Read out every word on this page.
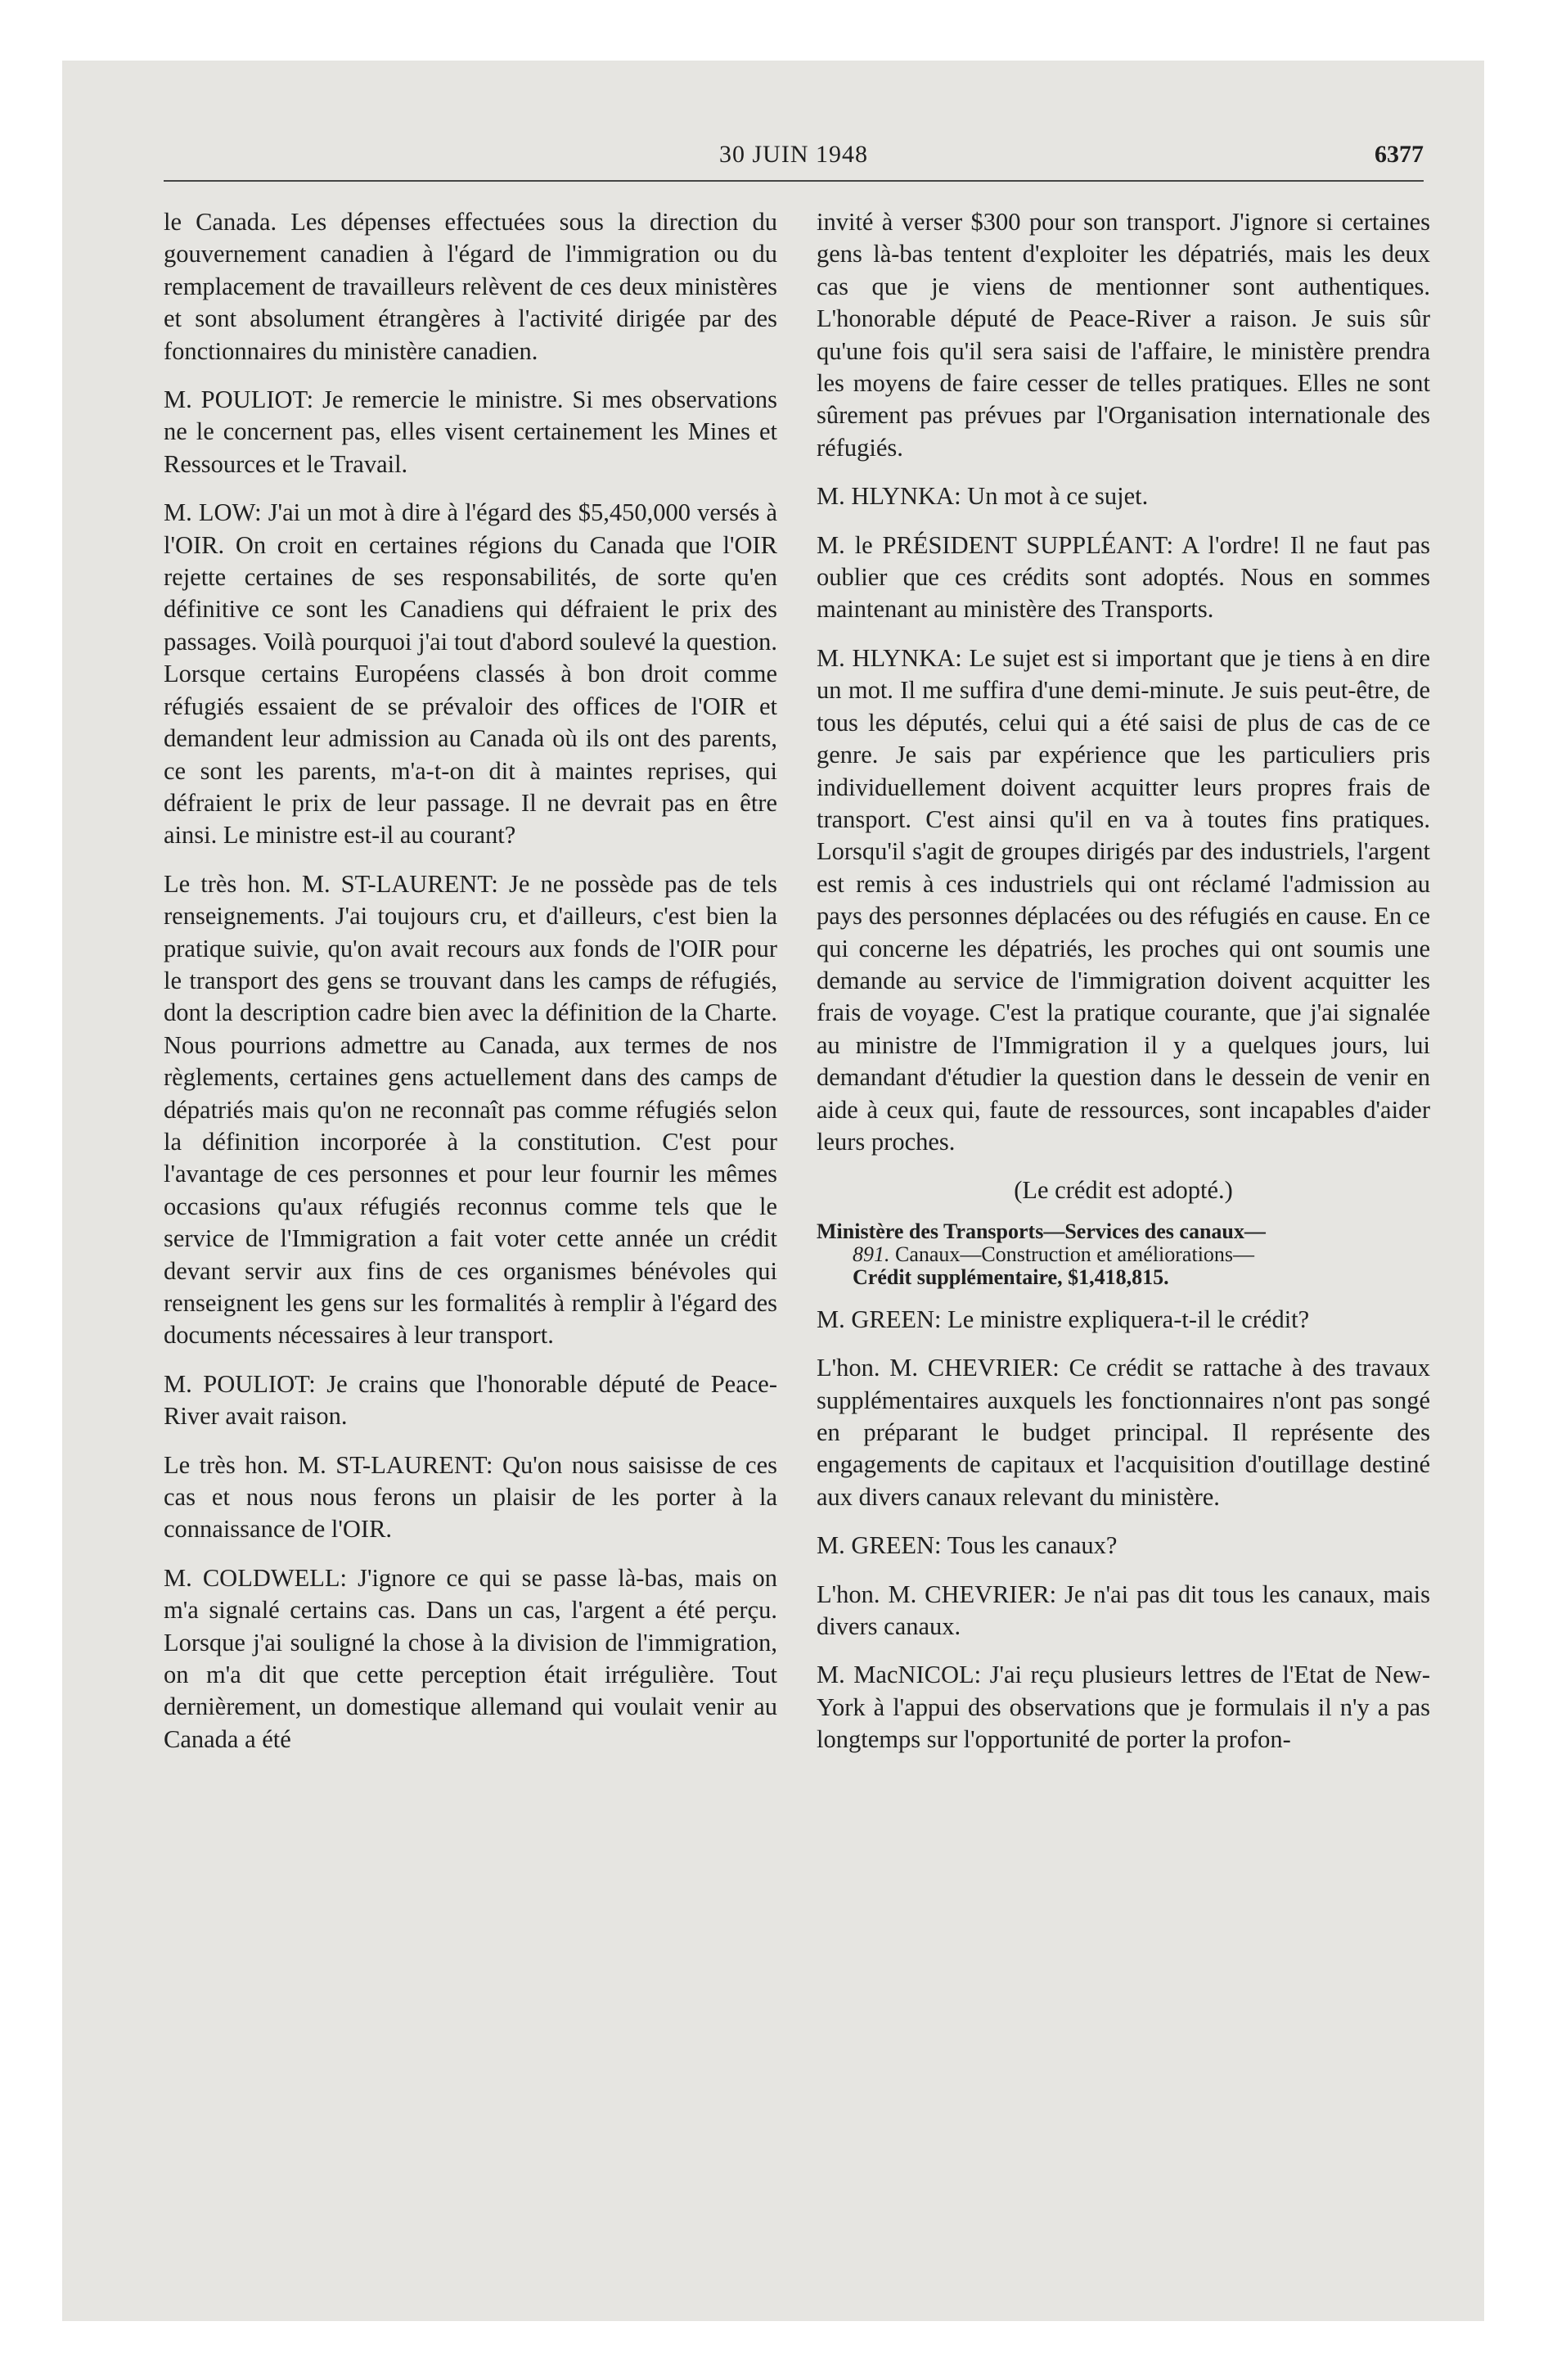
30 JUIN 1948	6377

le Canada. Les dépenses effectuées sous la direction du gouvernement canadien à l'égard de l'immigration ou du remplacement de travailleurs relèvent de ces deux ministères et sont absolument étrangères à l'activité dirigée par des fonctionnaires du ministère canadien.

M. POULIOT: Je remercie le ministre. Si mes observations ne le concernent pas, elles visent certainement les Mines et Ressources et le Travail.

M. LOW: J'ai un mot à dire à l'égard des $5,450,000 versés à l'OIR. On croit en certaines régions du Canada que l'OIR rejette certaines de ses responsabilités, de sorte qu'en définitive ce sont les Canadiens qui défraient le prix des passages. Voilà pourquoi j'ai tout d'abord soulevé la question. Lorsque certains Européens classés à bon droit comme réfugiés essaient de se prévaloir des offices de l'OIR et demandent leur admission au Canada où ils ont des parents, ce sont les parents, m'a-t-on dit à maintes reprises, qui défraient le prix de leur passage. Il ne devrait pas en être ainsi. Le ministre est-il au courant?

Le très hon. M. ST-LAURENT: Je ne possède pas de tels renseignements. J'ai toujours cru, et d'ailleurs, c'est bien la pratique suivie, qu'on avait recours aux fonds de l'OIR pour le transport des gens se trouvant dans les camps de réfugiés, dont la description cadre bien avec la définition de la Charte. Nous pourrions admettre au Canada, aux termes de nos règlements, certaines gens actuellement dans des camps de dépatriés mais qu'on ne reconnaît pas comme réfugiés selon la définition incorporée à la constitution. C'est pour l'avantage de ces personnes et pour leur fournir les mêmes occasions qu'aux réfugiés reconnus comme tels que le service de l'Immigration a fait voter cette année un crédit devant servir aux fins de ces organismes bénévoles qui renseignent les gens sur les formalités à remplir à l'égard des documents nécessaires à leur transport.

M. POULIOT: Je crains que l'honorable député de Peace-River avait raison.

Le très hon. M. ST-LAURENT: Qu'on nous saisisse de ces cas et nous nous ferons un plaisir de les porter à la connaissance de l'OIR.

M. COLDWELL: J'ignore ce qui se passe là-bas, mais on m'a signalé certains cas. Dans un cas, l'argent a été perçu. Lorsque j'ai souligné la chose à la division de l'immigration, on m'a dit que cette perception était irrégulière. Tout dernièrement, un domestique allemand qui voulait venir au Canada a été

invité à verser $300 pour son transport. J'ignore si certaines gens là-bas tentent d'exploiter les dépatriés, mais les deux cas que je viens de mentionner sont authentiques. L'honorable député de Peace-River a raison. Je suis sûr qu'une fois qu'il sera saisi de l'affaire, le ministère prendra les moyens de faire cesser de telles pratiques. Elles ne sont sûrement pas prévues par l'Organisation internationale des réfugiés.

M. HLYNKA: Un mot à ce sujet.

M. le PRÉSIDENT SUPPLÉANT: A l'ordre! Il ne faut pas oublier que ces crédits sont adoptés. Nous en sommes maintenant au ministère des Transports.

M. HLYNKA: Le sujet est si important que je tiens à en dire un mot. Il me suffira d'une demi-minute. Je suis peut-être, de tous les députés, celui qui a été saisi de plus de cas de ce genre. Je sais par expérience que les particuliers pris individuellement doivent acquitter leurs propres frais de transport. C'est ainsi qu'il en va à toutes fins pratiques. Lorsqu'il s'agit de groupes dirigés par des industriels, l'argent est remis à ces industriels qui ont réclamé l'admission au pays des personnes déplacées ou des réfugiés en cause. En ce qui concerne les dépatriés, les proches qui ont soumis une demande au service de l'immigration doivent acquitter les frais de voyage. C'est la pratique courante, que j'ai signalée au ministre de l'Immigration il y a quelques jours, lui demandant d'étudier la question dans le dessein de venir en aide à ceux qui, faute de ressources, sont incapables d'aider leurs proches.

(Le crédit est adopté.)

Ministère des Transports—Services des canaux—
891. Canaux—Construction et améliorations—
Crédit supplémentaire, $1,418,815.

M. GREEN: Le ministre expliquera-t-il le crédit?

L'hon. M. CHEVRIER: Ce crédit se rattache à des travaux supplémentaires auxquels les fonctionnaires n'ont pas songé en préparant le budget principal. Il représente des engagements de capitaux et l'acquisition d'outillage destiné aux divers canaux relevant du ministère.

M. GREEN: Tous les canaux?

L'hon. M. CHEVRIER: Je n'ai pas dit tous les canaux, mais divers canaux.

M. MacNICOL: J'ai reçu plusieurs lettres de l'Etat de New-York à l'appui des observations que je formulais il n'y a pas longtemps sur l'opportunité de porter la profon-
